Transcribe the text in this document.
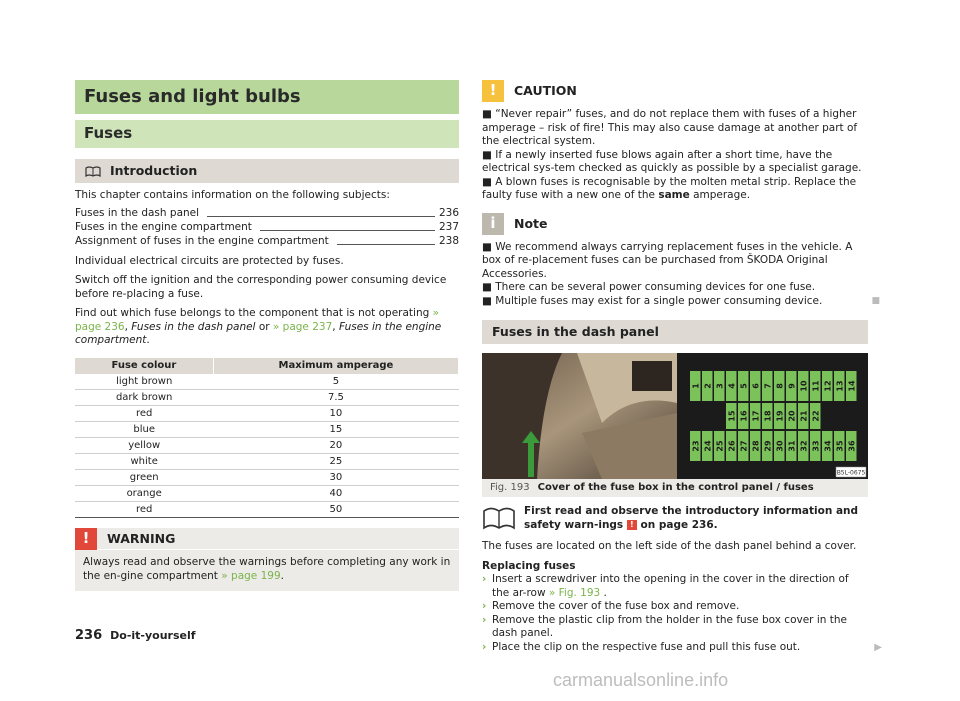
Fuses and light bulbs
Fuses
Introduction

This chapter contains information on the following subjects:

Fuses in the dash panel	236
Fuses in the engine compartment	237
Assignment of fuses in the engine compartment	238

Individual electrical circuits are protected by fuses.

Switch off the ignition and the corresponding power consuming device before re-placing a fuse.

Find out which fuse belongs to the component that is not operating » page 236, Fuses in the dash panel or » page 237, Fuses in the engine compartment.

Fuse colour	Maximum amperage
light brown	5
dark brown	7.5
red	10
blue	15
yellow	20
white	25
green	30
orange	40
red	50
!	WARNING
Always read and observe the warnings before completing any work in the en-gine compartment » page 199.
!	CAUTION
■ “Never repair” fuses, and do not replace them with fuses of a higher amperage – risk of fire! This may also cause damage at another part of the electrical system.
■ If a newly inserted fuse blows again after a short time, have the electrical sys-tem checked as quickly as possible by a specialist garage.
■ A blown fuses is recognisable by the molten metal strip. Replace the faulty fuse with a new one of the same amperage.
i	Note
■ We recommend always carrying replacement fuses in the vehicle. A box of re-placement fuses can be purchased from ŠKODA Original Accessories.
■ There can be several power consuming devices for one fuse.
■ Multiple fuses may exist for a single power consuming device.	■
Fuses in the dash panel
1 2 3 4 5 6 7 8 9 10 11 12 13 14
15 16 17 18 19 20 21 22
23 24 25 26 27 28 29 30 31 32 33 34 35 36
B5L-0675
Fig. 193 Cover of the fuse box in the control panel / fuses
First read and observe the introductory information and safety warn-ings ! on page 236.

The fuses are located on the left side of the dash panel behind a cover.

Replacing fuses
› Insert a screwdriver into the opening in the cover in the direction of the ar-row » Fig. 193 .
› Remove the cover of the fuse box and remove.
› Remove the plastic clip from the holder in the fuse box cover in the dash panel.
› Place the clip on the respective fuse and pull this fuse out.	▶
236 Do-it-yourself
carmanualsonline.info
